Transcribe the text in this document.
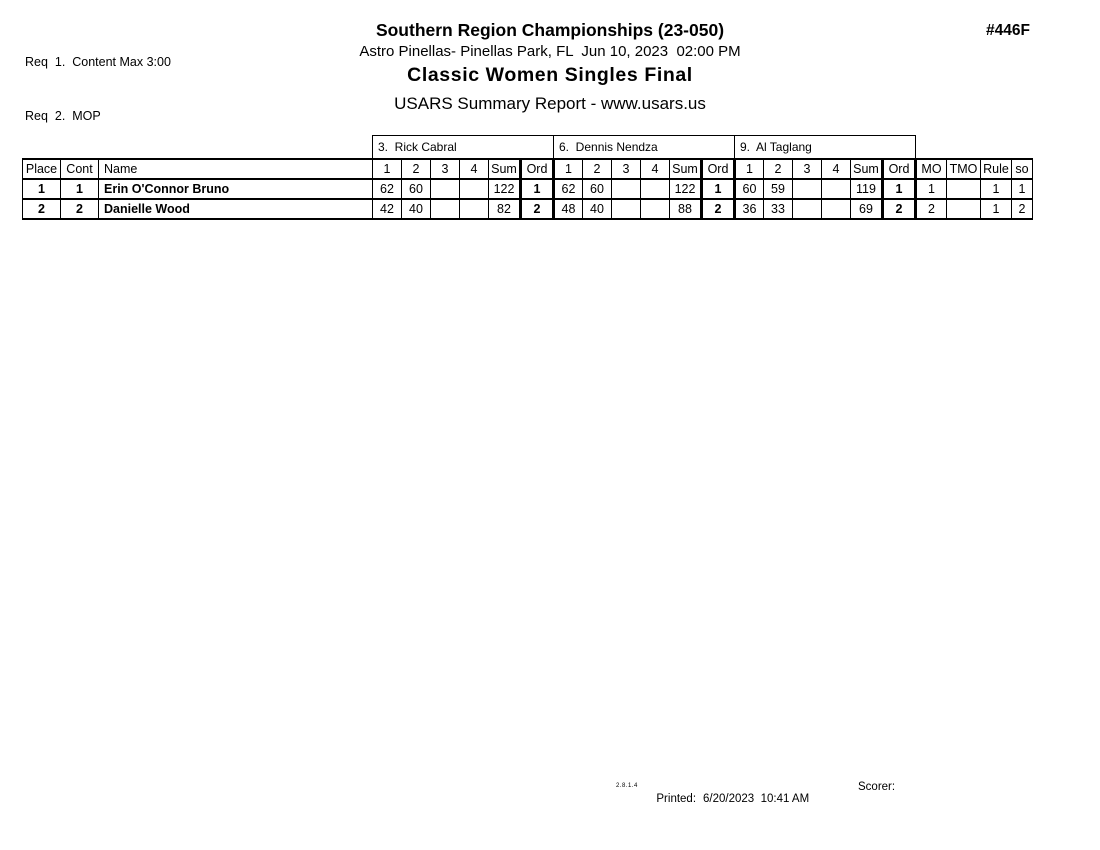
Req  1.  Content Max 3:00

Req  2.  MOP

Southern Region Championships (23-050)
Astro Pinellas- Pinellas Park, FL  Jun 10, 2023  02:00 PM
Classic Women Singles Final
USARS Summary Report - www.usars.us
#446F
			3.  Rick Cabral						6.  Dennis Nendza						9.  Al Taglang									
Place	Cont	Name	1	2	3	4	Sum	Ord	1	2	3	4	Sum	Ord	1	2	3	4	Sum	Ord	MO	TMO	Rule	so
1	1	Erin O'Connor Bruno	62	60			122	1	62	60			122	1	60	59			119	1	1		1	1
2	2	Danielle Wood	42	40			82	2	48	40			88	2	36	33			69	2	2		1	2
2.8.1.4

Printed: 6/20/2023  10:41 AM

Scorer:
